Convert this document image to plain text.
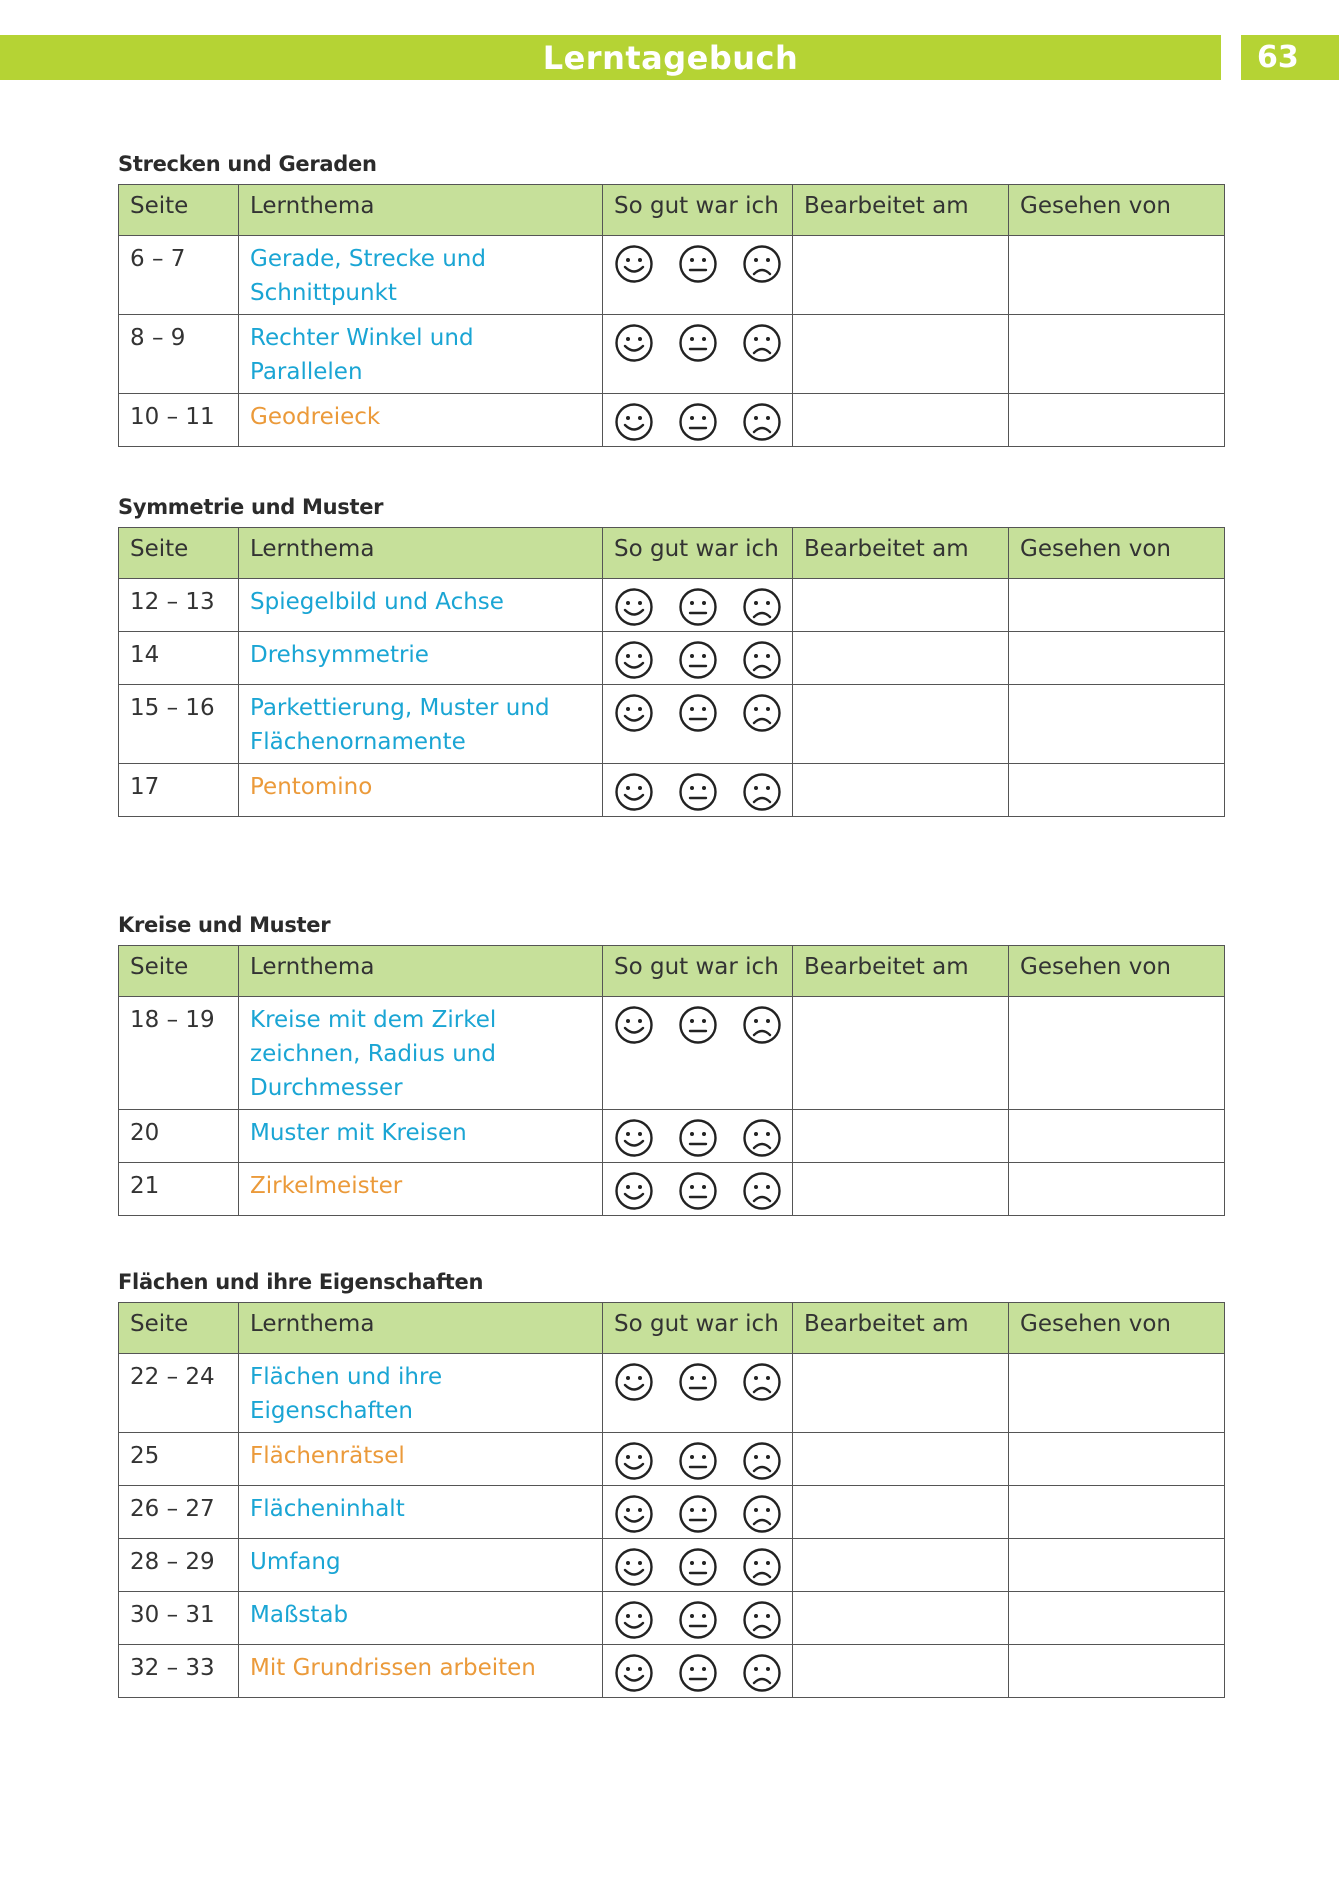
Lerntagebuch	63
Strecken und Geraden
Seite	Lernthema	So gut war ich	Bearbeitet am	Gesehen von
6 – 7	Gerade, Strecke und Schnittpunkt	

8 – 9	Rechter Winkel und Parallelen	

10 – 11	Geodreieck	

Symmetrie und Muster
Seite	Lernthema	So gut war ich	Bearbeitet am	Gesehen von
12 – 13	Spiegelbild und Achse	

14	Drehsymmetrie	

15 – 16	Parkettierung, Muster und Flächenornamente	

17	Pentomino	

Kreise und Muster
Seite	Lernthema	So gut war ich	Bearbeitet am	Gesehen von
18 – 19	Kreise mit dem Zirkel zeichnen, Radius und Durchmesser	

20	Muster mit Kreisen	

21	Zirkelmeister	

Flächen und ihre Eigenschaften
Seite	Lernthema	So gut war ich	Bearbeitet am	Gesehen von
22 – 24	Flächen und ihre Eigenschaften	

25	Flächenrätsel	

26 – 27	Flächeninhalt	

28 – 29	Umfang	

30 – 31	Maßstab	

32 – 33	Mit Grundrissen arbeiten	
